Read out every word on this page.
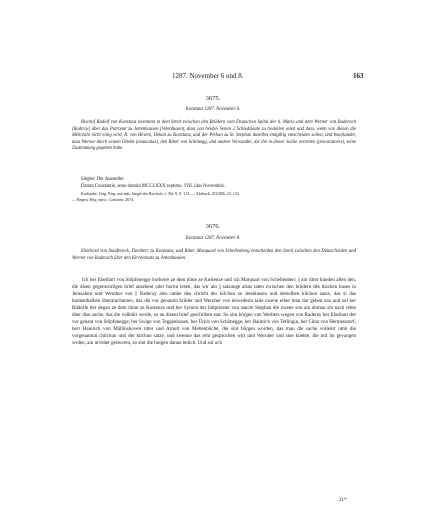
1287. November 6 und 8.	163
3675.
Konstanz 1287. November 6.

Bischof Rudolf von Konstanz bestimmt in dem Streit zwischen den Brüdern vom Deutschen Spital der h. Maria und dem Werner von Raderach (Radiroy) über das Patronat zu Jettenhausen (Vetenhusen), dass von beiden Seiten 2 Schiedsleute zu bestellen seien und dass, wenn von diesen die Mehrzahl nicht einig wird, R. von Hewen, Dekan zu Konstanz, und der Pleban zu St. Stephan daselbst endgiltig entscheiden sollen, und beurkundet, dass Werner durch seinen Oheim (avunculus), den Ritter von Schönegg, und andere Verwandte, die ihn in dieser Sache vertreten (procuratores), seine Zustimmung gegeben habe.

Siegler: Der Aussteller.
Datum Constantie, anno domini MCCLXXX septimo, VIII. idus Novembris.
Karlsruhe. Orig. Perg. mit anh. Siegel des Bischofs, s. Bd. 8, S. 114. — Abdruck: ZGORh. 23, 132.
— Regest: Reg. episc. Constant. 2674.
3676.
Konstanz 1287. November 8.

Eberhard von Staufeneck, Domherr zu Konstanz, und Ritter Marquard von Schellenberg entscheiden den Streit zwischen den Deutschorden und Werner von Raderach über den Kirchensatz zu Jettenhausen.

Ich her Eberhart von Stôpfenegge korherre ze dem tûme ze Kostenze und ich Marquart von Schellenberc || ain ritter kúnden allen den, die disen gegenwúrtigen brief ansehent oder horint lesen, das wir ain || satzunge alsus taten zwischen den brûdern des tûschen huses in Jerusalem und Wernher von || Raderay also umbe den chricht der kilchun ze Jetenhusen und derselben kilchun satze, das si das baidenthalben úberainchamen, das die vor genantin brûder und Wernher von ietwederin taile zwene erber man dar geben son und sol her Rûdolfe der degan ze dem tûme ze Kostenze und her Symon der lúitpriester von sancte Stephan die zwene son ain obman sin nach rehte úber dise sache, das die volleûrt werde, so an disem brief geschriben stat. So sint bûrgen von Werhers wegen von Raderay her Eberhart der vor genant von Stôpfenegge, her Swige von Teggenhusen, her Ûrich von Schônegge, her Hainrich von Tetlingin, her Cûnz von Hermenstorf, herr Hainrich von Mâllinshoven ritter und Arnolt von Mettenbůche, die sint bûrgen worden, das man die sache volleûrt umb die vorgenantun chilchun und der kilchun satze, und swenne das reht gesprochen wirt und Wernher und sine knehte, die mit im gevangen wrden, ain urvehet gesweren, so sint die burgen danne ledich. Und sol och

21*
